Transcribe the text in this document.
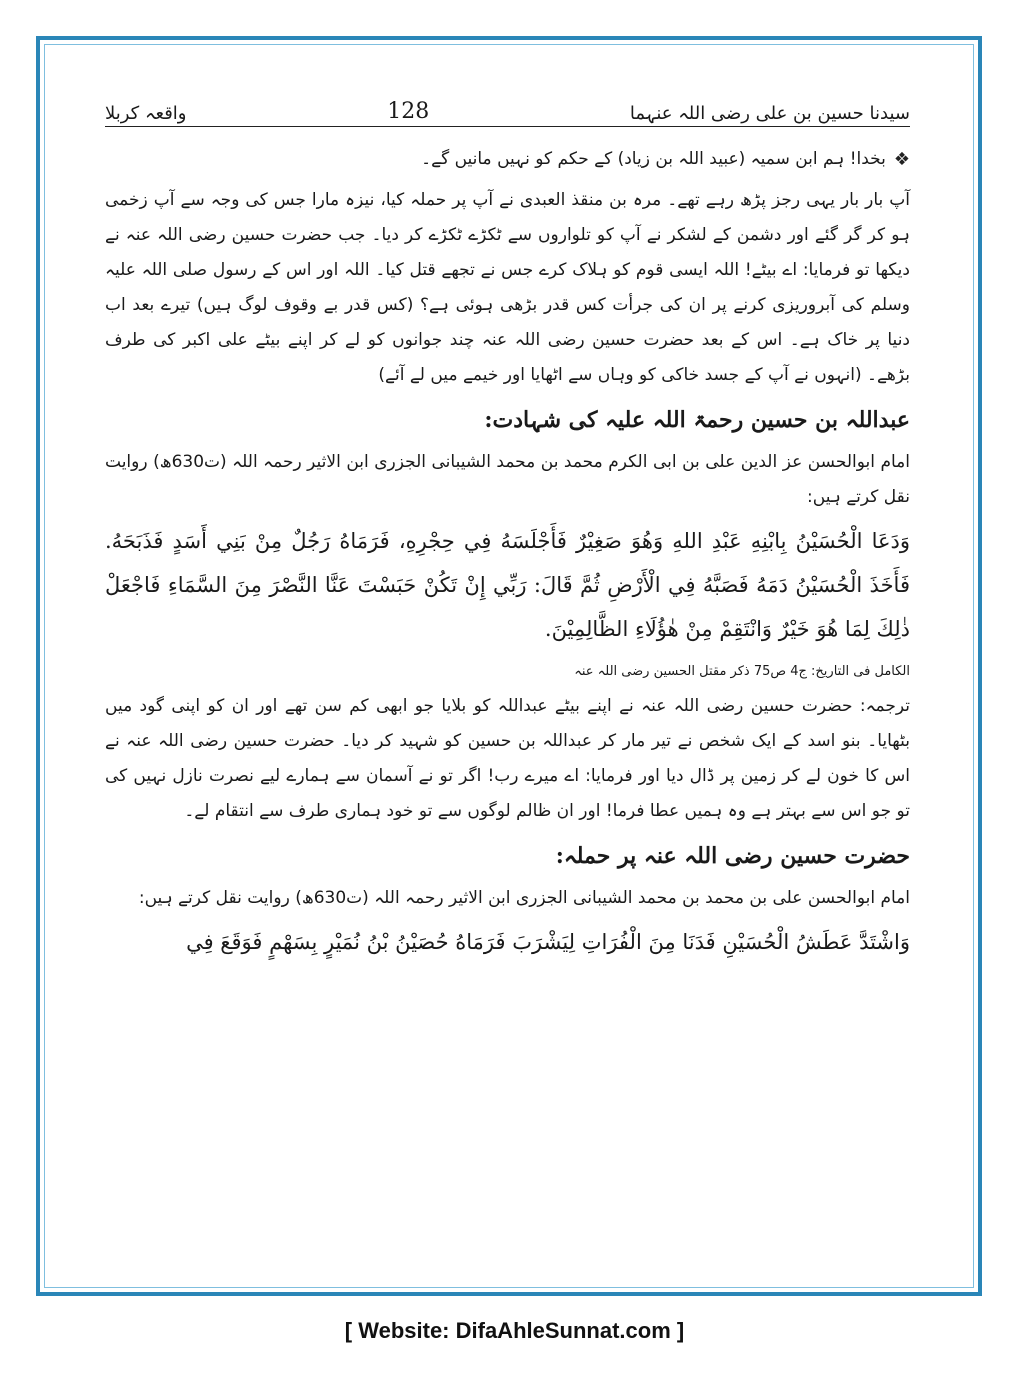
واقعہ کربلا	128	سیدنا حسین بن علی رضی اللہ عنہما
❖
بخدا! ہم ابن سمیہ (عبید اللہ بن زیاد) کے حکم کو نہیں مانیں گے۔

آپ بار بار یہی رجز پڑھ رہے تھے۔ مرہ بن منقذ العبدی نے آپ پر حملہ کیا، نیزہ مارا جس کی وجہ سے آپ زخمی ہو کر گر گئے اور دشمن کے لشکر نے آپ کو تلواروں سے ٹکڑے ٹکڑے کر دیا۔ جب حضرت حسین رضی اللہ عنہ نے دیکھا تو فرمایا: اے بیٹے! اللہ ایسی قوم کو ہلاک کرے جس نے تجھے قتل کیا۔ اللہ اور اس کے رسول صلی اللہ علیہ وسلم کی آبروریزی کرنے پر ان کی جرأت کس قدر بڑھی ہوئی ہے؟ (کس قدر بے وقوف لوگ ہیں) تیرے بعد اب دنیا پر خاک ہے۔ اس کے بعد حضرت حسین رضی اللہ عنہ چند جوانوں کو لے کر اپنے بیٹے علی اکبر کی طرف بڑھے۔ (انہوں نے آپ کے جسد خاکی کو وہاں سے اٹھایا اور خیمے میں لے آئے)

عبداللہ بن حسین رحمۃ اللہ علیہ کی شہادت:

امام ابوالحسن عز الدین علی بن ابی الکرم محمد بن محمد الشیبانی الجزری ابن الاثیر رحمہ اللہ (ت630ھ) روایت نقل کرتے ہیں:

وَدَعَا الْحُسَيْنُ بِابْنِهِ عَبْدِ اللهِ وَهُوَ صَغِيْرٌ فَأَجْلَسَهُ فِي حِجْرِهِ، فَرَمَاهُ رَجُلٌ مِنْ بَنِي أَسَدٍ فَذَبَحَهُ. فَأَخَذَ الْحُسَيْنُ دَمَهُ فَصَبَّهُ فِي الْأَرْضِ ثُمَّ قَالَ: رَبِّي إِنْ تَكُنْ حَبَسْتَ عَنَّا النَّصْرَ مِنَ السَّمَاءِ فَاجْعَلْ ذٰلِكَ لِمَا هُوَ خَيْرٌ وَانْتَقِمْ مِنْ هٰؤُلَاءِ الظَّالِمِيْنَ.

الکامل فی التاریخ: ج4 ص75 ذکر مقتل الحسین رضی اللہ عنہ

ترجمہ: حضرت حسین رضی اللہ عنہ نے اپنے بیٹے عبداللہ کو بلایا جو ابھی کم سن تھے اور ان کو اپنی گود میں بٹھایا۔ بنو اسد کے ایک شخص نے تیر مار کر عبداللہ بن حسین کو شہید کر دیا۔ حضرت حسین رضی اللہ عنہ نے اس کا خون لے کر زمین پر ڈال دیا اور فرمایا: اے میرے رب! اگر تو نے آسمان سے ہمارے لیے نصرت نازل نہیں کی تو جو اس سے بہتر ہے وہ ہمیں عطا فرما! اور ان ظالم لوگوں سے تو خود ہماری طرف سے انتقام لے۔

حضرت حسین رضی اللہ عنہ پر حملہ:

امام ابوالحسن علی بن محمد بن محمد الشیبانی الجزری ابن الاثیر رحمہ اللہ (ت630ھ) روایت نقل کرتے ہیں:

وَاشْتَدَّ عَطَشُ الْحُسَيْنِ فَدَنَا مِنَ الْفُرَاتِ لِيَشْرَبَ فَرَمَاهُ حُصَيْنُ بْنُ نُمَيْرٍ بِسَهْمٍ فَوَقَعَ فِي

[ Website: DifaAhleSunnat.com ]
